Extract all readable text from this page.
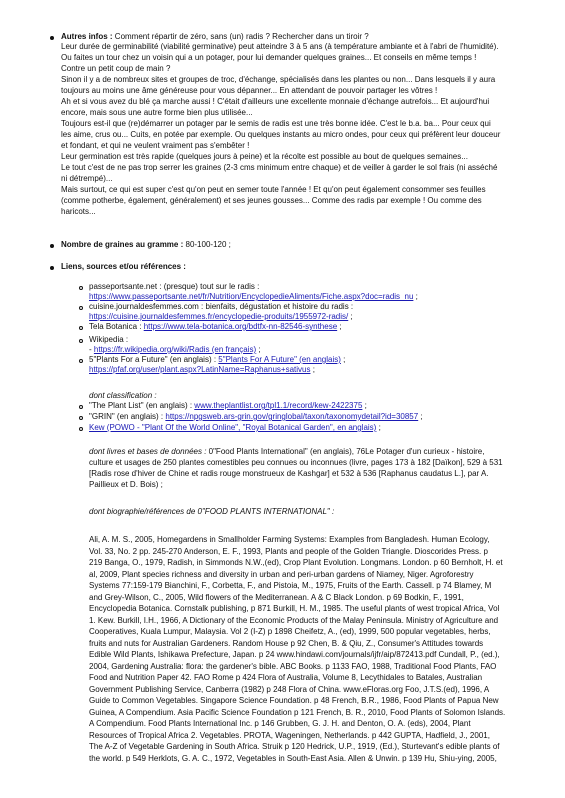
Autres infos : Comment répartir de zéro, sans (un) radis ? Rechercher dans un tiroir ?
Leur durée de germinabilité (viabilité germinative) peut atteindre 3 à 5 ans (à température ambiante et à l'abri de l'humidité).
Ou faites un tour chez un voisin qui a un potager, pour lui demander quelques graines... Et conseils en même temps !
Contre un petit coup de main ?
Sinon il y a de nombreux sites et groupes de troc, d'échange, spécialisés dans les plantes ou non... Dans lesquels il y aura
toujours au moins une âme généreuse pour vous dépanner... En attendant de pouvoir partager les vôtres !
Ah et si vous avez du blé ça marche aussi ! C'était d'ailleurs une excellente monnaie d'échange autrefois... Et aujourd'hui
encore, mais sous une autre forme bien plus utilisée...
Toujours est-il que (re)démarrer un potager par le semis de radis est une très bonne idée. C'est le b.a. ba... Pour ceux qui
les aime, crus ou... Cuits, en potée par exemple. Ou quelques instants au micro ondes, pour ceux qui préfèrent leur douceur
et fondant, et qui ne veulent vraiment pas s'embêter !
Leur germination est très rapide (quelques jours à peine) et la récolte est possible au bout de quelques semaines...
Le tout c'est de ne pas trop serrer les graines (2-3 cms minimum entre chaque) et de veiller à garder le sol frais (ni asséché
ni détrempé)...
Mais surtout, ce qui est super c'est qu'on peut en semer toute l'année ! Et qu'on peut également consommer ses feuilles
(comme potherbe, également, généralement) et ses jeunes gousses... Comme des radis par exemple ! Ou comme des
haricots...
Nombre de graines au gramme : 80-100-120 ;
Liens, sources et/ou références :
passeportsante.net : (presque) tout sur le radis :
https://www.passeportsante.net/fr/Nutrition/EncyclopedieAliments/Fiche.aspx?doc=radis_nu ;
cuisine.journaldesfemmes.com : bienfaits, dégustation et histoire du radis :
https://cuisine.journaldesfemmes.fr/encyclopedie-produits/1955972-radis/ ;
Tela Botanica : https://www.tela-botanica.org/bdtfx-nn-82546-synthese ;
Wikipedia :
- https://fr.wikipedia.org/wiki/Radis (en français) ;
5"Plants For a Future" (en anglais) : 5"Plants For A Future" (en anglais) ;
https://pfaf.org/user/plant.aspx?LatinName=Raphanus+sativus ;
dont classification :
"The Plant List" (en anglais) : www.theplantlist.org/tpl1.1/record/kew-2422375 ;
"GRIN" (en anglais) : https://npgsweb.ars-grin.gov/gringlobal/taxon/taxonomydetail?id=30857 ;
Kew (POWO - "Plant Of the World Online", "Royal Botanical Garden", en anglais) ;
dont livres et bases de données : 0"Food Plants International" (en anglais), 76Le Potager d'un curieux - histoire,
culture et usages de 250 plantes comestibles peu connues ou inconnues (livre, pages 173 à 182 [Daïkon], 529 à 531
[Radis rose d'hiver de Chine et radis rouge monstrueux de Kashgar] et 532 à 536 [Raphanus caudatus L.], par A.
Paillieux et D. Bois) ;
dont biographie/références de 0"FOOD PLANTS INTERNATIONAL" :
Ali, A. M. S., 2005, Homegardens in Smallholder Farming Systems: Examples from Bangladesh. Human Ecology,
Vol. 33, No. 2 pp. 245-270 Anderson, E. F., 1993, Plants and people of the Golden Triangle. Dioscorides Press. p
219 Banga, O., 1979, Radish, in Simmonds N.W.,(ed), Crop Plant Evolution. Longmans. London. p 60 Bernholt, H. et
al, 2009, Plant species richness and diversity in urban and peri-urban gardens of Niamey, Niger. Agroforestry
Systems 77:159-179 Bianchini, F., Corbetta, F., and Pistoia, M., 1975, Fruits of the Earth. Cassell. p 74 Blamey, M
and Grey-Wilson, C., 2005, Wild flowers of the Mediterranean. A & C Black London. p 69 Bodkin, F., 1991,
Encyclopedia Botanica. Cornstalk publishing, p 871 Burkill, H. M., 1985. The useful plants of west tropical Africa, Vol
1. Kew. Burkill, I.H., 1966, A Dictionary of the Economic Products of the Malay Peninsula. Ministry of Agriculture and
Cooperatives, Kuala Lumpur, Malaysia. Vol 2 (I-Z) p 1898 Cheifetz, A., (ed), 1999, 500 popular vegetables, herbs,
fruits and nuts for Australian Gardeners. Random House p 92 Chen, B. & Qiu, Z., Consumer's Attitudes towards
Edible Wild Plants, Ishikawa Prefecture, Japan. p 24 www.hindawi.com/journals/ijfr/aip/872413.pdf Cundall, P., (ed.),
2004, Gardening Australia: flora: the gardener's bible. ABC Books. p 1133 FAO, 1988, Traditional Food Plants, FAO
Food and Nutrition Paper 42. FAO Rome p 424 Flora of Australia, Volume 8, Lecythidales to Batales, Australian
Government Publishing Service, Canberra (1982) p 248 Flora of China. www.eFloras.org Foo, J.T.S.(ed), 1996, A
Guide to Common Vegetables. Singapore Science Foundation. p 48 French, B.R., 1986, Food Plants of Papua New
Guinea, A Compendium. Asia Pacific Science Foundation p 121 French, B. R., 2010, Food Plants of Solomon Islands.
A Compendium. Food Plants International Inc. p 146 Grubben, G. J. H. and Denton, O. A. (eds), 2004, Plant
Resources of Tropical Africa 2. Vegetables. PROTA, Wageningen, Netherlands. p 442 GUPTA, Hadfield, J., 2001,
The A-Z of Vegetable Gardening in South Africa. Struik p 120 Hedrick, U.P., 1919, (Ed.), Sturtevant's edible plants of
the world. p 549 Herklots, G. A. C., 1972, Vegetables in South-East Asia. Allen & Unwin. p 139 Hu, Shiu-ying, 2005,
